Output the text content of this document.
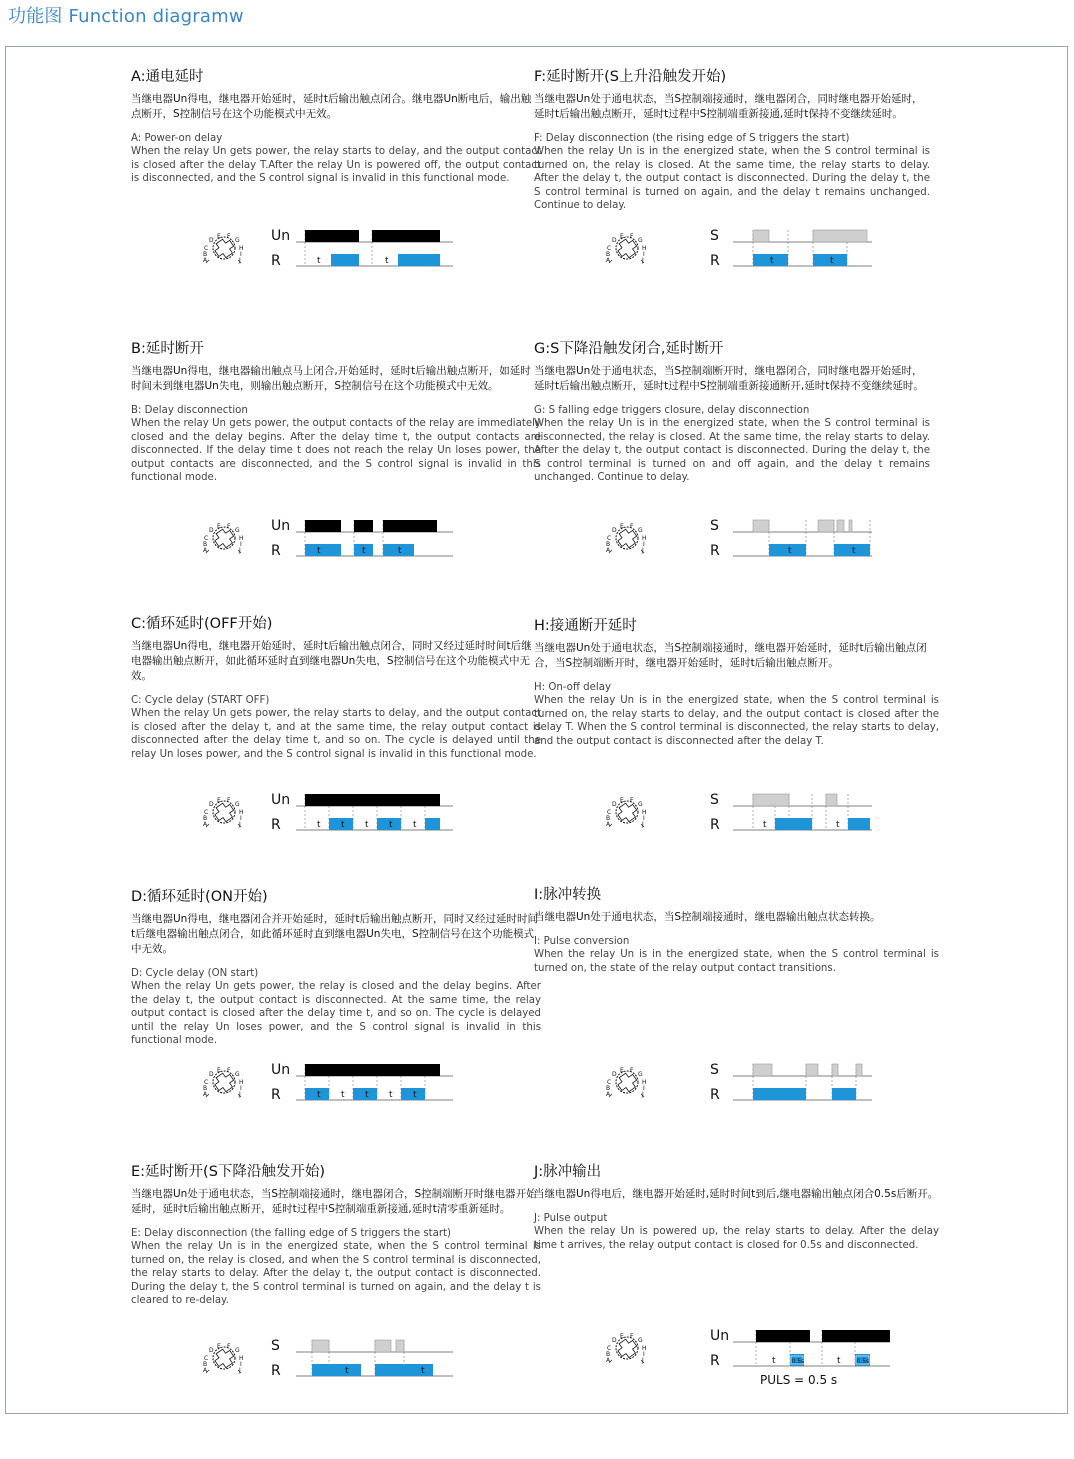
功能图 Function diagramw

A:通电延时

当继电器Un得电，继电器开始延时，延时t后输出触点闭合。继电器Un断电后，输出触点断开，S控制信号在这个功能模式中无效。

A: Power-on delay

When the relay Un gets power, the relay starts to delay, and the output contact is closed after the delay T.After the relay Un is powered off, the output contact is disconnected, and the S control signal is invalid in this functional mode.

A
B
C
D
E F
G
H
I
J
Un
R	t	t

B:延时断开

当继电器Un得电，继电器输出触点马上闭合,开始延时，延时t后输出触点断开，如延时时间未到继电器Un失电，则输出触点断开，S控制信号在这个功能模式中无效。

B: Delay disconnection

When the relay Un gets power, the output contacts of the relay are immediately closed and the delay begins. After the delay time t, the output contacts are disconnected. If the delay time t does not reach the relay Un loses power, the output contacts are disconnected, and the S control signal is invalid in this functional mode.

A
B
C
D
E F
G
H
I
J
Un
R	t	t	t

C:循环延时(OFF开始)

当继电器Un得电，继电器开始延时，延时t后输出触点闭合，同时又经过延时时间t后继电器输出触点断开，如此循环延时直到继电器Un失电，S控制信号在这个功能模式中无效。

C: Cycle delay (START OFF)

When the relay Un gets power, the relay starts to delay, and the output contact is closed after the delay t, and at the same time, the relay output contact is disconnected after the delay time t, and so on. The cycle is delayed until the relay Un loses power, and the S control signal is invalid in this functional mode.

A
B
C
D
E F
G
H
I
J
Un
R	t t t t t

D:循环延时(ON开始)

当继电器Un得电，继电器闭合并开始延时，延时t后输出触点断开，同时又经过延时时间t后继电器输出触点闭合，如此循环延时直到继电器Un失电，S控制信号在这个功能模式中无效。

D: Cycle delay (ON start)

When the relay Un gets power, the relay is closed and the delay begins. After the delay t, the output contact is disconnected. At the same time, the relay output contact is closed after the delay time t, and so on. The cycle is delayed until the relay Un loses power, and the S control signal is invalid in this functional mode.

A
B
C
D
E F
G
H
I
J
Un
R	t t t t t

E:延时断开(S下降沿触发开始)

当继电器Un处于通电状态，当S控制端接通时，继电器闭合，S控制端断开时继电器开始延时，延时t后输出触点断开，延时t过程中S控制端重新接通,延时t清零重新延时。

E: Delay disconnection (the falling edge of S triggers the start)

When the relay Un is in the energized state, when the S control terminal is turned on, the relay is closed, and when the S control terminal is disconnected, the relay starts to delay. After the delay t, the output contact is disconnected. During the delay t, the S control terminal is turned on again, and the delay t is cleared to re-delay.

A
B
C
D
E F
G
H
I
J
S
R	t	t

F:延时断开(S上升沿触发开始)

当继电器Un处于通电状态，当S控制端接通时，继电器闭合，同时继电器开始延时，延时t后输出触点断开，延时t过程中S控制端重新接通,延时t保持不变继续延时。

F: Delay disconnection (the rising edge of S triggers the start)

When the relay Un is in the energized state, when the S control terminal is turned on, the relay is closed. At the same time, the relay starts to delay. After the delay t, the output contact is disconnected. During the delay t, the S control terminal is turned on again, and the delay t remains unchanged. Continue to delay.

A
B
C
D
E F
G
H
I
J
S
R	t	t

G:S下降沿触发闭合,延时断开

当继电器Un处于通电状态，当S控制端断开时，继电器闭合，同时继电器开始延时，延时t后输出触点断开，延时t过程中S控制端重新接通断开,延时t保持不变继续延时。

G: S falling edge triggers closure, delay disconnection

When the relay Un is in the energized state, when the S control terminal is disconnected, the relay is closed. At the same time, the relay starts to delay. After the delay t, the output contact is disconnected. During the delay t, the S control terminal is turned on and off again, and the delay t remains unchanged. Continue to delay.

A
B
C
D
E F
G
H
I
J
S
R	t	t

H:接通断开延时

当继电器Un处于通电状态，当S控制端接通时，继电器开始延时，延时t后输出触点闭合，当S控制端断开时，继电器开始延时，延时t后输出触点断开。

H: On-off delay

When the relay Un is in the energized state, when the S control terminal is turned on, the relay starts to delay, and the output contact is closed after the delay T. When the S control terminal is disconnected, the relay starts to delay, and the output contact is disconnected after the delay T.

A
B
C
D
E F
G
H
I
J
S
R	t	t

I:脉冲转换

当继电器Un处于通电状态，当S控制端接通时，继电器输出触点状态转换。

I: Pulse conversion

When the relay Un is in the energized state, when the S control terminal is turned on, the state of the relay output contact transitions.

A
B
C
D
E F
G
H
I
J
S
R

J:脉冲输出

当继电器Un得电后，继电器开始延时,延时时间t到后,继电器输出触点闭合0.5s后断开。

J: Pulse output

When the relay Un is powered up, the relay starts to delay. After the delay time t arrives, the relay output contact is closed for 0.5s and disconnected.

A
B
C
D
E F
G
H
I
J
Un
R	0.5s	0.5s
t	t
PULS = 0.5 s
